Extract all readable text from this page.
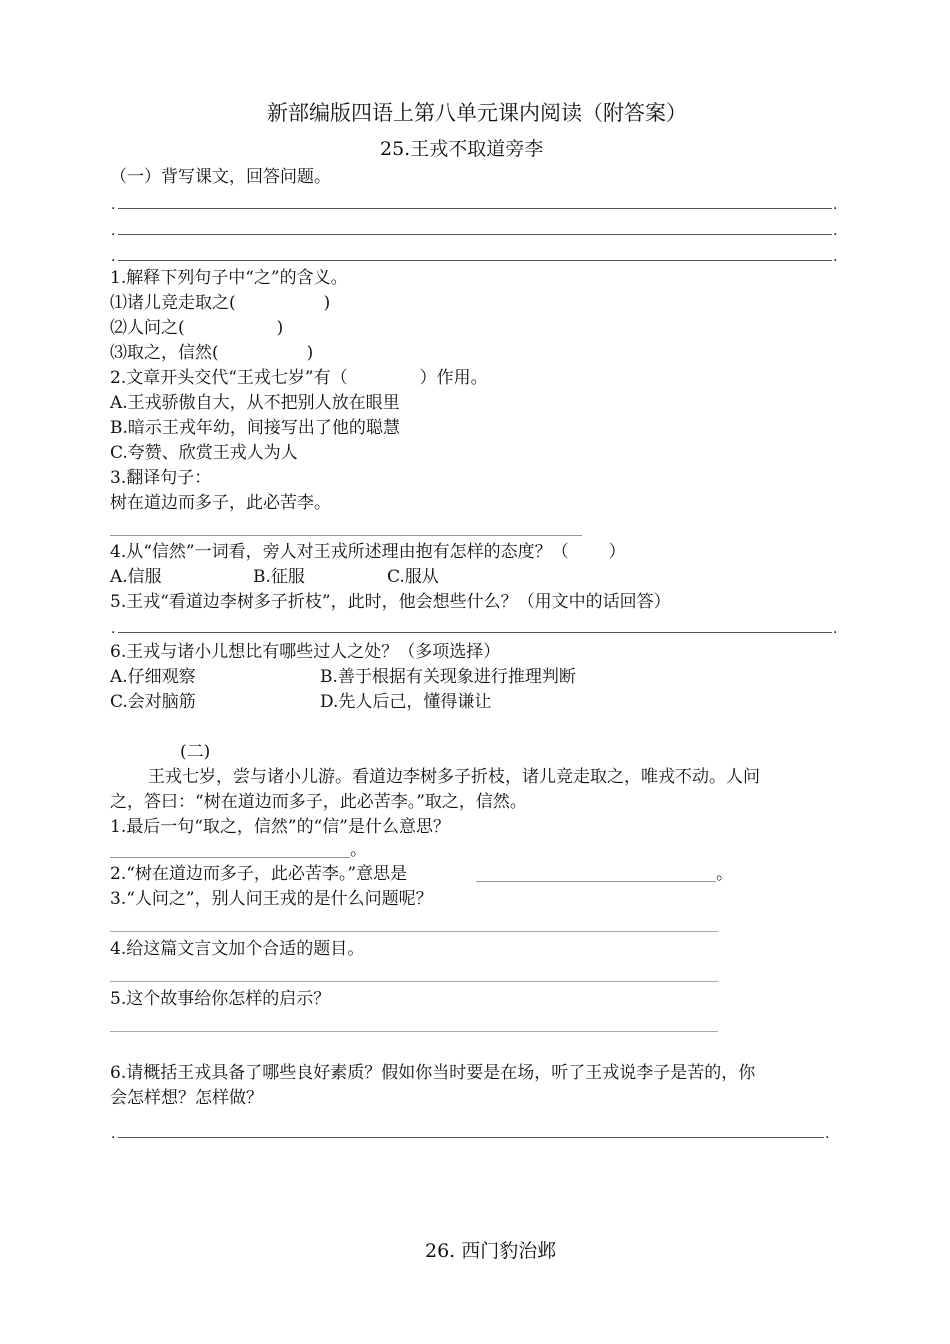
新部编版四语上第八单元课内阅读（附答案）
25.王戎不取道旁李
（一）背写课文，回答问题。
.	.
.	.
.	.
1.解释下列句子中“之”的含义。
⑴诸儿竞走取之(	)
⑵人问之(	)
⑶取之，信然(	)
2.文章开头交代“王戎七岁”有（	）作用。
A.王戎骄傲自大，从不把别人放在眼里
B.暗示王戎年幼，间接写出了他的聪慧
C.夸赞、欣赏王戎人为人
3.翻译句子：
树在道边而多子，此必苦李。
4.从“信然”一词看，旁人对王戎所述理由抱有怎样的态度？（ ）
A.信服	B.征服	C.服从
5.王戎“看道边李树多子折枝”，此时，他会想些什么？（用文中的话回答）
.	.
6.王戎与诸小儿想比有哪些过人之处？（多项选择）
A.仔细观察	B.善于根据有关现象进行推理判断
C.会对脑筋	D.先人后己，懂得谦让
(二)
王戎七岁，尝与诸小儿游。看道边李树多子折枝，诸儿竞走取之，唯戎不动。人问
之，答曰：“树在道边而多子，此必苦李。”取之，信然。
1.最后一句“取之，信然”的“信”是什么意思？
。
2.“树在道边而多子，此必苦李。”意思是	。
3.“人问之”，别人问王戎的是什么问题呢？
4.给这篇文言文加个合适的题目。
5.这个故事给你怎样的启示？
6.请概括王戎具备了哪些良好素质？假如你当时要是在场，听了王戎说李子是苦的，你
会怎样想？怎样做？
.	.
26. 西门豹治邺
